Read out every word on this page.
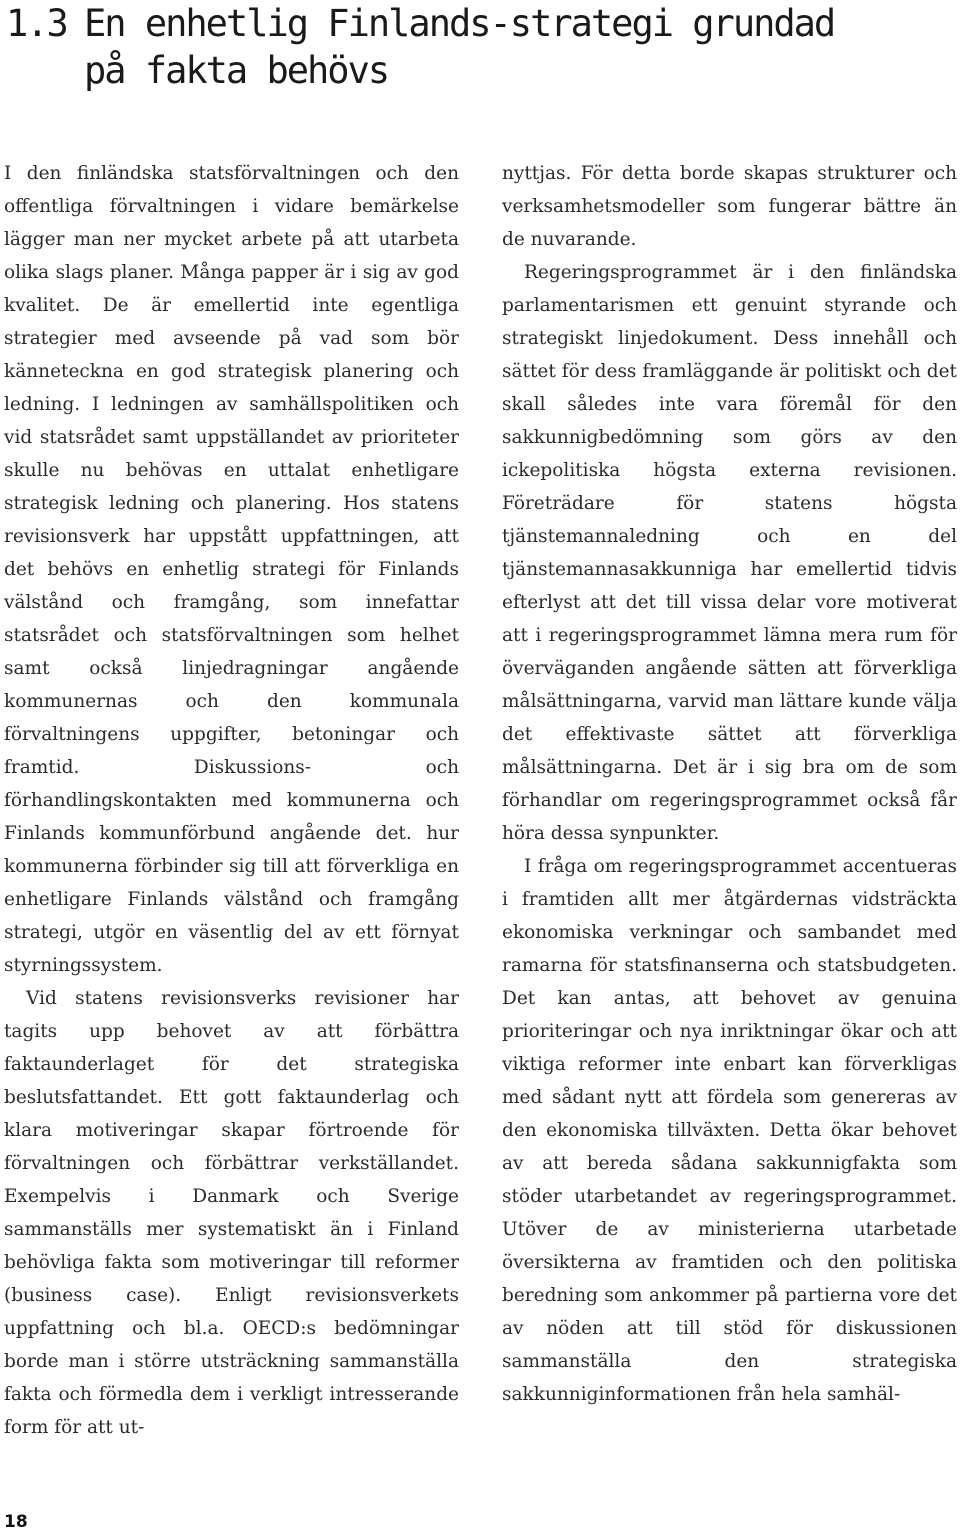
1.3 En enhetlig Finlands-strategi grundad
på fakta behövs

I den finländska statsförvaltningen och den offentliga förvaltningen i vidare bemärkelse lägger man ner mycket arbete på att utarbeta olika slags planer. Många papper är i sig av god kvalitet. De är emellertid inte egentliga strategier med avseende på vad som bör känneteckna en god strategisk planering och ledning. I ledningen av samhällspolitiken och vid statsrådet samt uppställandet av prioriteter skulle nu behövas en uttalat enhetligare strategisk ledning och planering. Hos statens revisionsverk har uppstått uppfattningen, att det behövs en enhetlig strategi för Finlands välstånd och framgång, som innefattar statsrådet och statsförvaltningen som helhet samt också linjedragningar angående kommunernas och den kommunala förvaltningens uppgifter, betoningar och framtid. Diskussions- och förhandlingskontakten med kommunerna och Finlands kommunförbund angående det. hur kommunerna förbinder sig till att förverkliga en enhetligare Finlands välstånd och framgång strategi, utgör en väsentlig del av ett förnyat styrningssystem.

Vid statens revisionsverks revisioner har tagits upp behovet av att förbättra faktaunderlaget för det strategiska beslutsfattandet. Ett gott faktaunderlag och klara motiveringar skapar förtroende för förvaltningen och förbättrar verkställandet. Exempelvis i Danmark och Sverige sammanställs mer systematiskt än i Finland behövliga fakta som motiveringar till reformer (business case). Enligt revisionsverkets uppfattning och bl.a. OECD:s bedömningar borde man i större utsträckning sammanställa fakta och förmedla dem i verkligt intresserande form för att ut-

nyttjas. För detta borde skapas strukturer och verksamhetsmodeller som fungerar bättre än de nuvarande.

Regeringsprogrammet är i den finländska parlamentarismen ett genuint styrande och strategiskt linjedokument. Dess innehåll och sättet för dess framläggande är politiskt och det skall således inte vara föremål för den sakkunnigbedömning som görs av den ickepolitiska högsta externa revisionen. Företrädare för statens högsta tjänstemannaledning och en del tjänstemannasakkunniga har emellertid tidvis efterlyst att det till vissa delar vore motiverat att i regeringsprogrammet lämna mera rum för överväganden angående sätten att förverkliga målsättningarna, varvid man lättare kunde välja det effektivaste sättet att förverkliga målsättningarna. Det är i sig bra om de som förhandlar om regeringsprogrammet också får höra dessa synpunkter.

I fråga om regeringsprogrammet accentueras i framtiden allt mer åtgärdernas vidsträckta ekonomiska verkningar och sambandet med ramarna för statsfinanserna och statsbudgeten. Det kan antas, att behovet av genuina prioriteringar och nya inriktningar ökar och att viktiga reformer inte enbart kan förverkligas med sådant nytt att fördela som genereras av den ekonomiska tillväxten. Detta ökar behovet av att bereda sådana sakkunnigfakta som stöder utarbetandet av regeringsprogrammet. Utöver de av ministerierna utarbetade översikterna av framtiden och den politiska beredning som ankommer på partierna vore det av nöden att till stöd för diskussionen sammanställa den strategiska sakkunniginformationen från hela samhäl-

18
